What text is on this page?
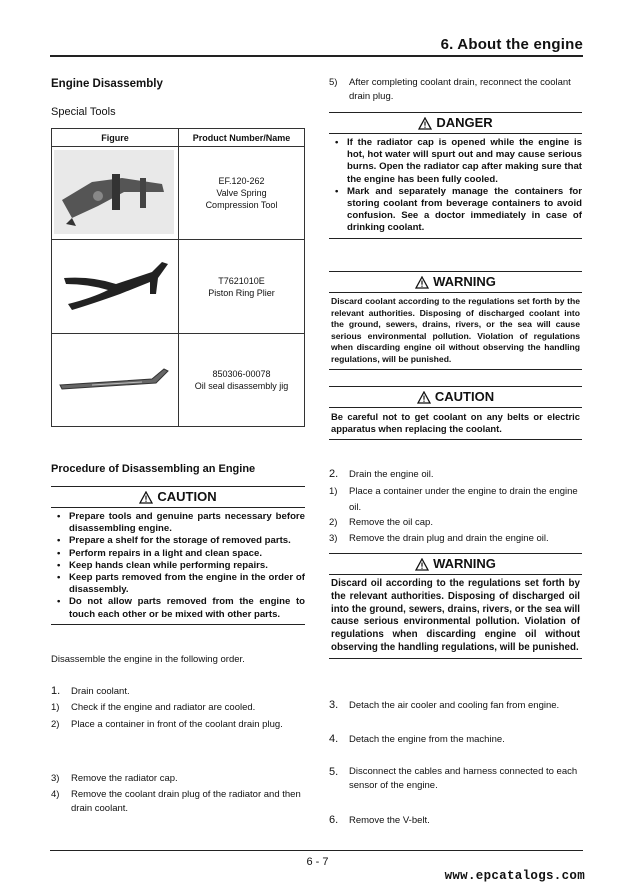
6. About the engine
Engine Disassembly
Special Tools
Figure	Product Number/Name

EF.120-262
Valve Spring
Compression Tool

T7621010E
Piston Ring Plier

850306-00078
Oil seal disassembly jig
Procedure of Disassembling an Engine
CAUTION
• Prepare tools and genuine parts necessary before disassembling engine.
• Prepare a shelf for the storage of removed parts.
• Perform repairs in a light and clean space.
• Keep hands clean while performing repairs.
• Keep parts removed from the engine in the order of disassembly.
• Do not allow parts removed from the engine to touch each other or be mixed with other parts.
Disassemble the engine in the following order.
1. Drain coolant.
1)	Check if the engine and radiator are cooled.
2)	Place a container in front of the coolant drain plug.
3)	Remove the radiator cap.
4)	Remove the coolant drain plug of the radiator and then drain coolant.
5)	After completing coolant drain, reconnect the coolant drain plug.
DANGER
• If the radiator cap is opened while the engine is hot, hot water will spurt out and may cause serious burns. Open the radiator cap after making sure that the engine has been fully cooled.
• Mark and separately manage the containers for storing coolant from beverage containers to avoid confusion. See a doctor immediately in case of drinking coolant.
WARNING
Discard coolant according to the regulations set forth by the relevant authorities. Disposing of discharged coolant into the ground, sewers, drains, rivers, or the sea will cause serious environmental pollution. Violation of regulations when discarding engine oil without observing the handling regulations, will be punished.
CAUTION
Be careful not to get coolant on any belts or electric apparatus when replacing the coolant.
2. Drain the engine oil.
1)	Place a container under the engine to drain the engine oil.
2)	Remove the oil cap.
3)	Remove the drain plug and drain the engine oil.
WARNING
Discard oil according to the regulations set forth by the relevant authorities. Disposing of discharged oil into the ground, sewers, drains, rivers, or the sea will cause serious environmental pollution. Violation of regulations when discarding engine oil without observing the handling regulations, will be punished.
3. Detach the air cooler and cooling fan from engine.
4. Detach the engine from the machine.
5.	Disconnect the cables and harness connected to each sensor of the engine.
6. Remove the V-belt.
6 - 7
www.epcatalogs.com
